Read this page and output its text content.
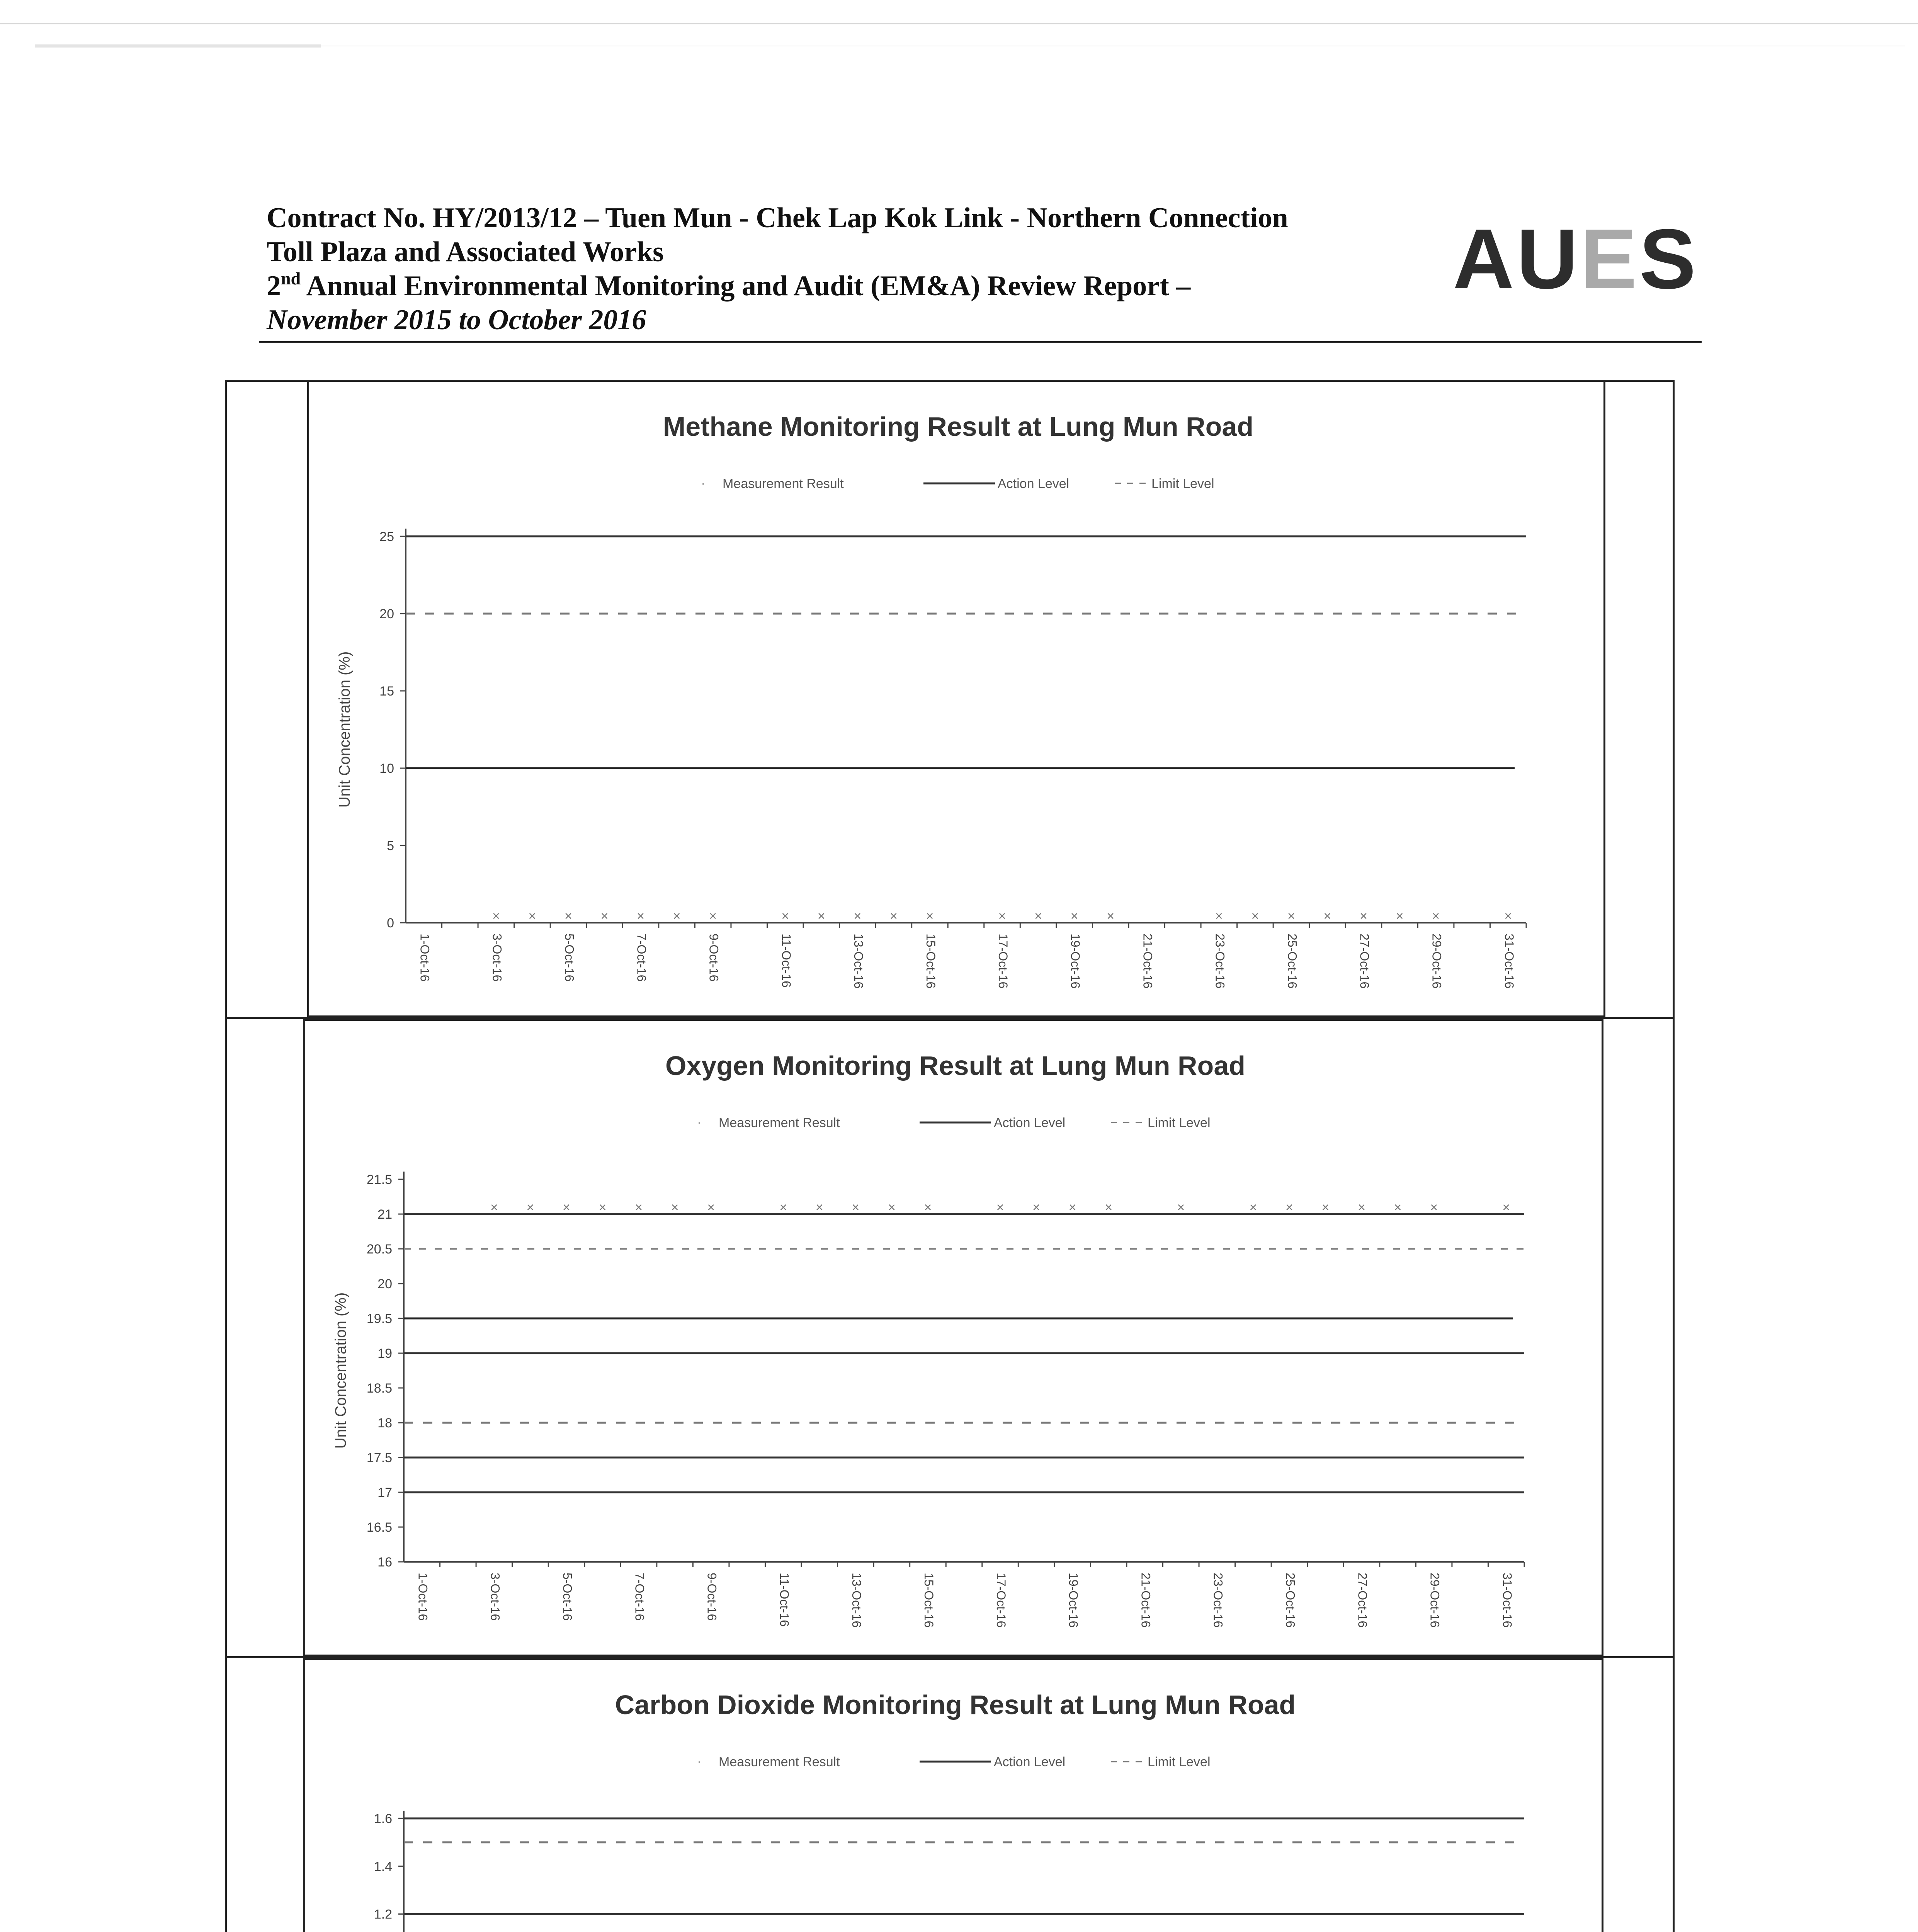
Contract No. HY/2013/12 – Tuen Mun - Chek Lap Kok Link - Northern Connection
Toll Plaza and Associated Works
2nd Annual Environmental Monitoring and Audit (EM&A) Review Report –
November 2015 to October 2016
AUES
Methane Monitoring Result at Lung Mun Road
· Measurement Result	Action Level	Limit Level
Unit Concentration (%)
0
5
10
15
20
25
1-Oct-16	3-Oct-16	5-Oct-16	7-Oct-16	9-Oct-16	11-Oct-16	13-Oct-16	15-Oct-16	17-Oct-16	19-Oct-16	21-Oct-16	23-Oct-16	25-Oct-16	27-Oct-16	29-Oct-16	31-Oct-16
× × × × × × ×	× × × × ×	× × × ×	× × × × × × ×	×
Oxygen Monitoring Result at Lung Mun Road
· Measurement Result	Action Level	Limit Level
Unit Concentration (%)
16
16.5
17
17.5
18
18.5
19
19.5
20
20.5
21
21.5
1-Oct-16	3-Oct-16	5-Oct-16	7-Oct-16	9-Oct-16	11-Oct-16	13-Oct-16	15-Oct-16	17-Oct-16	19-Oct-16	21-Oct-16	23-Oct-16	25-Oct-16	27-Oct-16	29-Oct-16	31-Oct-16
× × × × × × ×	× × × × ×	× × × ×	×	× × × × × ×	×
Carbon Dioxide Monitoring Result at Lung Mun Road
· Measurement Result	Action Level	Limit Level
1.2
1.4
1.6
